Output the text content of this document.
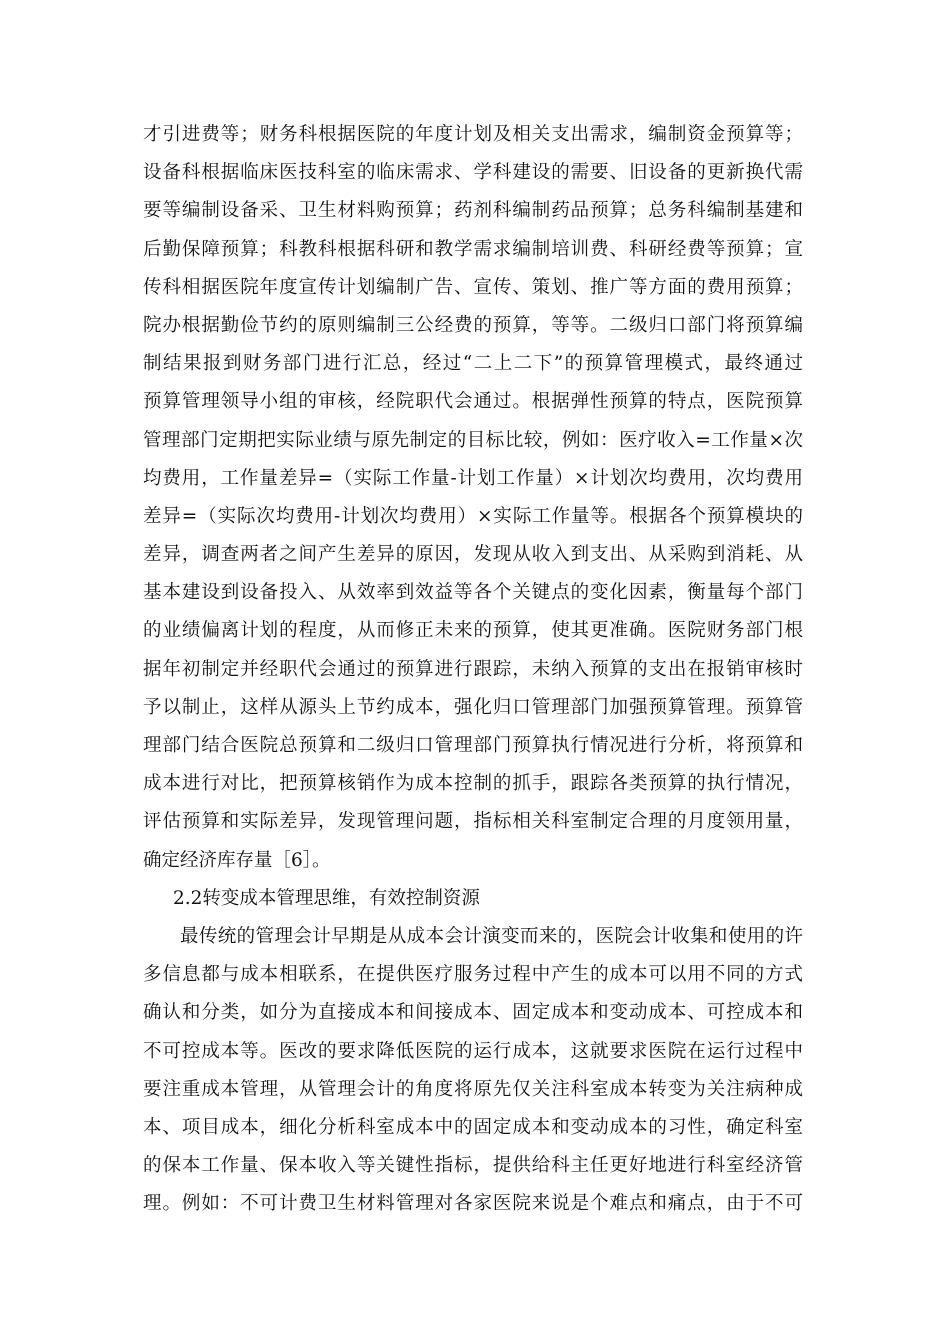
才引进费等；财务科根据医院的年度计划及相关支出需求，编制资金预算等；
设备科根据临床医技科室的临床需求、学科建设的需要、旧设备的更新换代需
要等编制设备采、卫生材料购预算；药剂科编制药品预算；总务科编制基建和
后勤保障预算；科教科根据科研和教学需求编制培训费、科研经费等预算；宣
传科相据医院年度宣传计划编制广告、宣传、策划、推广等方面的费用预算；
院办根据勤俭节约的原则编制三公经费的预算，等等。二级归口部门将预算编
制结果报到财务部门进行汇总，经过“二上二下”的预算管理模式，最终通过
预算管理领导小组的审核，经院职代会通过。根据弹性预算的特点，医院预算
管理部门定期把实际业绩与原先制定的目标比较，例如：医疗收入=工作量×次
均费用，工作量差异=（实际工作量-计划工作量）×计划次均费用，次均费用
差异=（实际次均费用-计划次均费用）×实际工作量等。根据各个预算模块的
差异，调查两者之间产生差异的原因，发现从收入到支出、从采购到消耗、从
基本建设到设备投入、从效率到效益等各个关键点的变化因素，衡量每个部门
的业绩偏离计划的程度，从而修正未来的预算，使其更准确。医院财务部门根
据年初制定并经职代会通过的预算进行跟踪，未纳入预算的支出在报销审核时
予以制止，这样从源头上节约成本，强化归口管理部门加强预算管理。预算管
理部门结合医院总预算和二级归口管理部门预算执行情况进行分析，将预算和
成本进行对比，把预算核销作为成本控制的抓手，跟踪各类预算的执行情况，
评估预算和实际差异，发现管理问题，指标相关科室制定合理的月度领用量，
确定经济库存量［6］。
2.2转变成本管理思维，有效控制资源
最传统的管理会计早期是从成本会计演变而来的，医院会计收集和使用的许
多信息都与成本相联系，在提供医疗服务过程中产生的成本可以用不同的方式
确认和分类，如分为直接成本和间接成本、固定成本和变动成本、可控成本和
不可控成本等。医改的要求降低医院的运行成本，这就要求医院在运行过程中
要注重成本管理，从管理会计的角度将原先仅关注科室成本转变为关注病种成
本、项目成本，细化分析科室成本中的固定成本和变动成本的习性，确定科室
的保本工作量、保本收入等关键性指标，提供给科主任更好地进行科室经济管
理。例如：不可计费卫生材料管理对各家医院来说是个难点和痛点，由于不可
